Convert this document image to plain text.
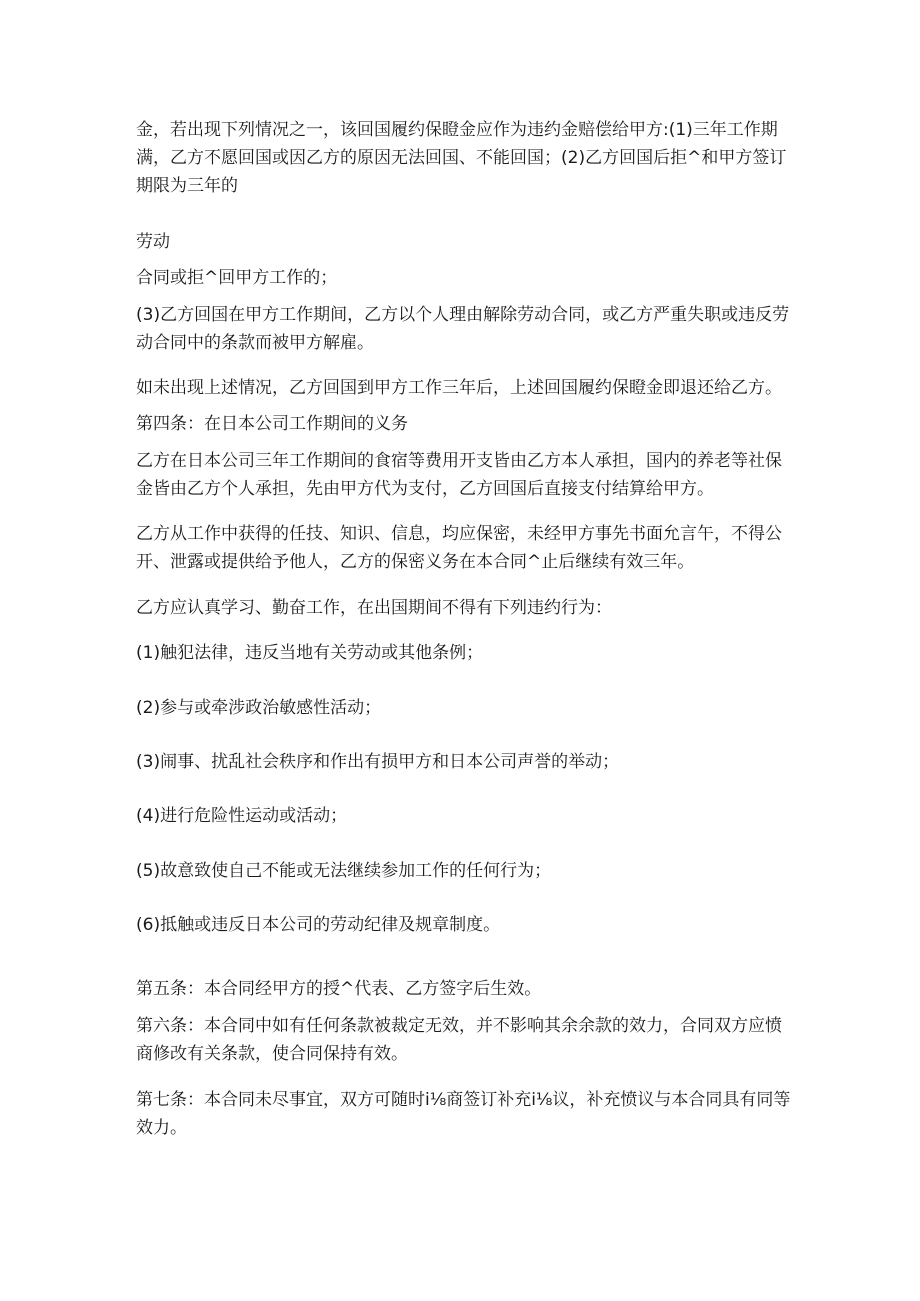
金，若出现下列情况之一，该回国履约保瞪金应作为违约金赔偿给甲方:(1)三年工作期满，乙方不愿回国或因乙方的原因无法回国、不能回国；(2)乙方回国后拒^和甲方签订期限为三年的

劳动

合同或拒^回甲方工作的；

(3)乙方回国在甲方工作期间，乙方以个人理由解除劳动合同，或乙方严重失职或违反劳动合同中的条款而被甲方解雇。

如未出现上述情况，乙方回国到甲方工作三年后，上述回国履约保瞪金即退还给乙方。

第四条：在日本公司工作期间的义务

乙方在日本公司三年工作期间的食宿等费用开支皆由乙方本人承担，国内的养老等社保金皆由乙方个人承担，先由甲方代为支付，乙方回国后直接支付结算给甲方。

乙方从工作中获得的任技、知识、信息，均应保密，未经甲方事先书面允言午，不得公开、泄露或提供给予他人，乙方的保密义务在本合同^止后继续有效三年。

乙方应认真学习、勤奋工作，在出国期间不得有下列违约行为：

(1)触犯法律，违反当地有关劳动或其他条例；

(2)参与或牵涉政治敏感性活动；

(3)闹事、扰乱社会秩序和作出有损甲方和日本公司声誉的举动；

(4)进行危险性运动或活动；

(5)故意致使自己不能或无法继续参加工作的任何行为；

(6)抵触或违反日本公司的劳动纪律及规章制度。

第五条：本合同经甲方的授^代表、乙方签字后生效。

第六条：本合同中如有任何条款被裁定无效，并不影响其余余款的效力，合同双方应愤商修改有关条款，使合同保持有效。

第七条：本合同未尽事宜，双方可随时i⅛商签订补充i⅛议，补充愤议与本合同具有同等效力。
